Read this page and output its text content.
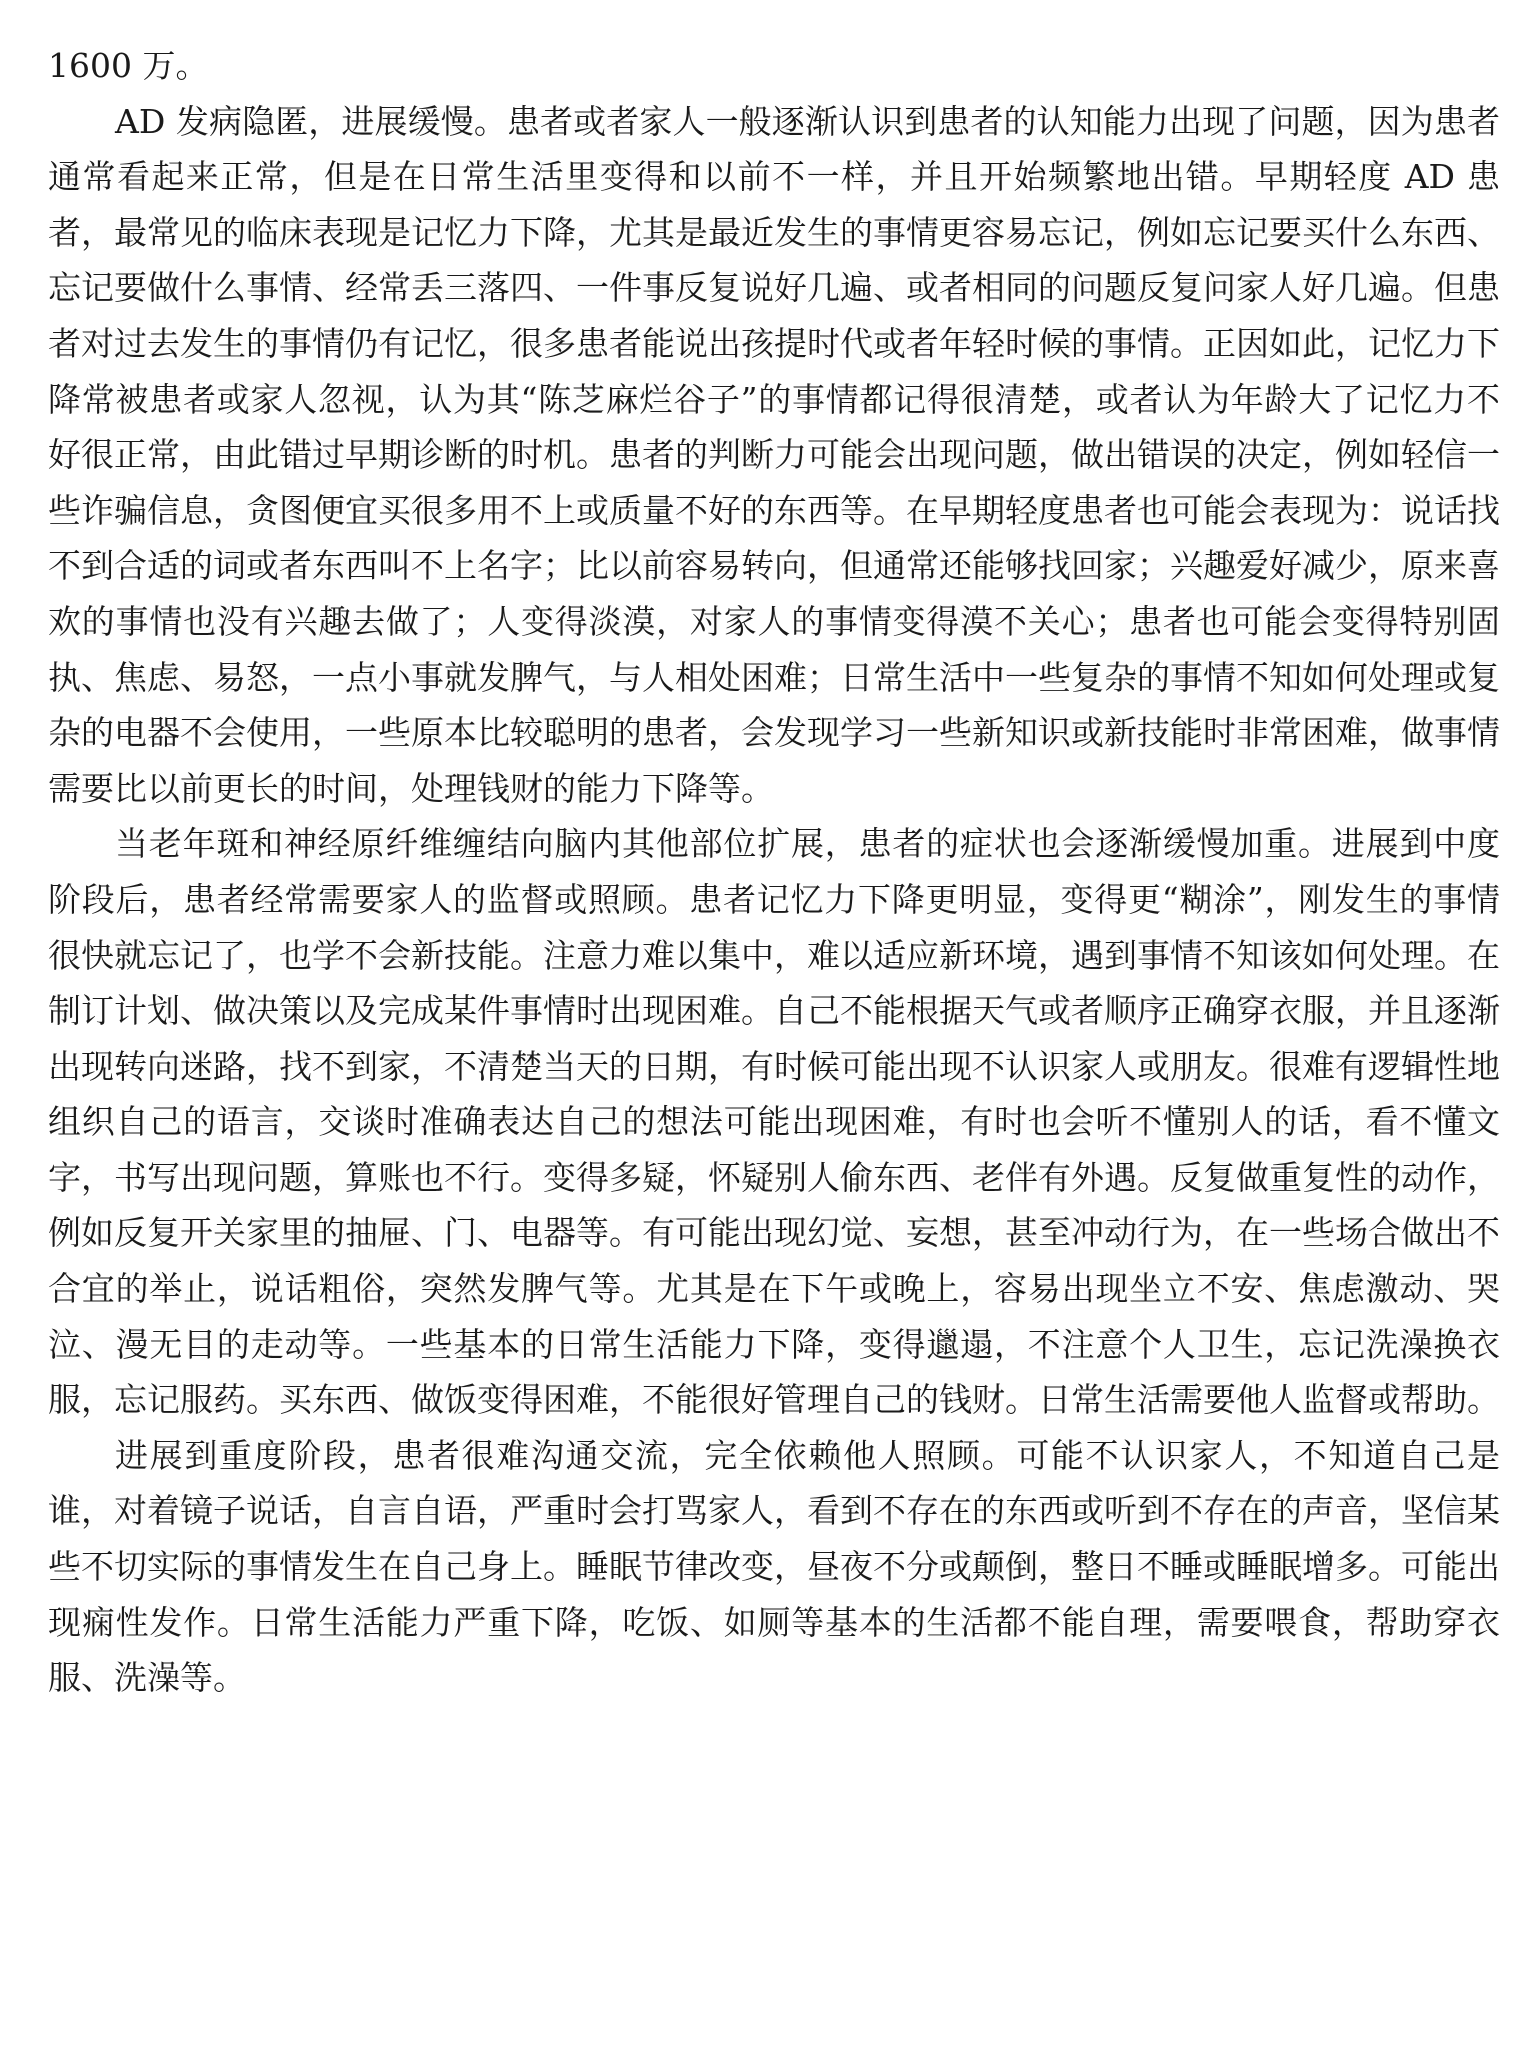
1600 万。

AD 发病隐匿，进展缓慢。患者或者家人一般逐渐认识到患者的认知能力出现了问题，因为患者通常看起来正常，但是在日常生活里变得和以前不一样，并且开始频繁地出错。早期轻度 AD 患者，最常见的临床表现是记忆力下降，尤其是最近发生的事情更容易忘记，例如忘记要买什么东西、忘记要做什么事情、经常丢三落四、一件事反复说好几遍、或者相同的问题反复问家人好几遍。但患者对过去发生的事情仍有记忆，很多患者能说出孩提时代或者年轻时候的事情。正因如此，记忆力下降常被患者或家人忽视，认为其“陈芝麻烂谷子”的事情都记得很清楚，或者认为年龄大了记忆力不好很正常，由此错过早期诊断的时机。患者的判断力可能会出现问题，做出错误的决定，例如轻信一些诈骗信息，贪图便宜买很多用不上或质量不好的东西等。在早期轻度患者也可能会表现为：说话找不到合适的词或者东西叫不上名字；比以前容易转向，但通常还能够找回家；兴趣爱好减少，原来喜欢的事情也没有兴趣去做了；人变得淡漠，对家人的事情变得漠不关心；患者也可能会变得特别固执、焦虑、易怒，一点小事就发脾气，与人相处困难；日常生活中一些复杂的事情不知如何处理或复杂的电器不会使用，一些原本比较聪明的患者，会发现学习一些新知识或新技能时非常困难，做事情需要比以前更长的时间，处理钱财的能力下降等。

当老年斑和神经原纤维缠结向脑内其他部位扩展，患者的症状也会逐渐缓慢加重。进展到中度阶段后，患者经常需要家人的监督或照顾。患者记忆力下降更明显，变得更“糊涂”，刚发生的事情很快就忘记了，也学不会新技能。注意力难以集中，难以适应新环境，遇到事情不知该如何处理。在制订计划、做决策以及完成某件事情时出现困难。自己不能根据天气或者顺序正确穿衣服，并且逐渐出现转向迷路，找不到家，不清楚当天的日期，有时候可能出现不认识家人或朋友。很难有逻辑性地组织自己的语言，交谈时准确表达自己的想法可能出现困难，有时也会听不懂别人的话，看不懂文字，书写出现问题，算账也不行。变得多疑，怀疑别人偷东西、老伴有外遇。反复做重复性的动作，例如反复开关家里的抽屉、门、电器等。有可能出现幻觉、妄想，甚至冲动行为，在一些场合做出不合宜的举止，说话粗俗，突然发脾气等。尤其是在下午或晚上，容易出现坐立不安、焦虑激动、哭泣、漫无目的走动等。一些基本的日常生活能力下降，变得邋遢，不注意个人卫生，忘记洗澡换衣服，忘记服药。买东西、做饭变得困难，不能很好管理自己的钱财。日常生活需要他人监督或帮助。

进展到重度阶段，患者很难沟通交流，完全依赖他人照顾。可能不认识家人，不知道自己是谁，对着镜子说话，自言自语，严重时会打骂家人，看到不存在的东西或听到不存在的声音，坚信某些不切实际的事情发生在自己身上。睡眠节律改变，昼夜不分或颠倒，整日不睡或睡眠增多。可能出现痫性发作。日常生活能力严重下降，吃饭、如厕等基本的生活都不能自理，需要喂食，帮助穿衣服、洗澡等。
